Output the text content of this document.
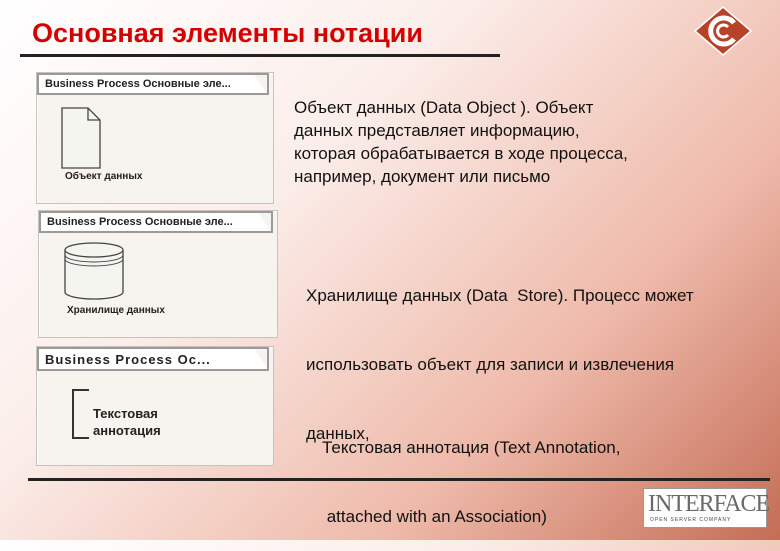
Основная элементы нотации
Business Process Основные эле...
Объект данных
Business Process Основные эле...
Хранилище данных
Business Process Oc...
Текстовая
аннотация
Объект данных (Data Object ). Объект
данных представляет информацию,
которая обрабатывается в ходе процесса,
например, документ или письмо

Хранилище данных (Data  Store). Процесс может

использовать объект для записи и извлечения

данных,

Текстовая аннотация (Text Annotation,

attached with an Association)	INTERFACE
OPEN SERVER COMPANY
